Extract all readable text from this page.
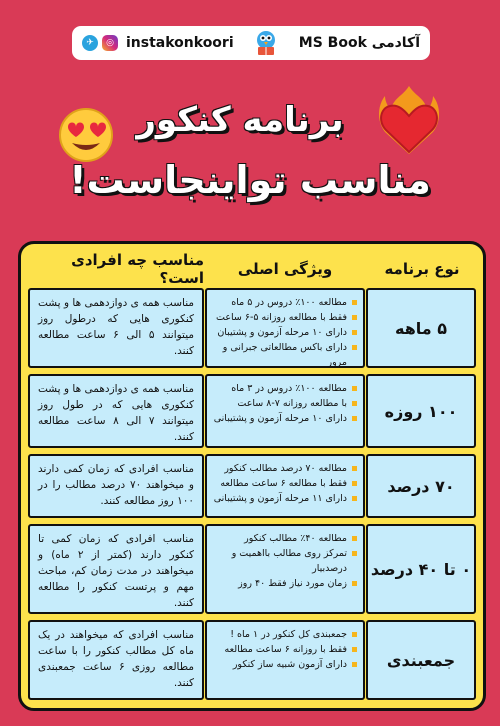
✈	◎ instakonkoori	آکادمی MS Book
برنامه کنکور
مناسب تواینجاست!
نوع برنامه
ویژگی اصلی
مناسب چه افرادی است؟
۵ ماهه
مطالعه ۱۰۰٪ دروس در ۵ ماه
فقط با مطالعه روزانه ۵-۶ ساعت
دارای ۱۰ مرحله آزمون و پشتیبان
دارای باکس مطالعاتی جبرانی و مرور
مناسب همه ی دوازدهمی ها و پشت کنکوری هایی که درطول روز میتوانند ۵ الی ۶ ساعت مطالعه کنند.
۱۰۰ روزه
مطالعه ۱۰۰٪ دروس در ۳ ماه
با مطالعه روزانه ۷-۸ ساعت
دارای ۱۰ مرحله آزمون و پشتیبانی
مناسب همه ی دوازدهمی ها و پشت کنکوری هایی که در طول روز میتوانند ۷ الی ۸ ساعت مطالعه کنند.
۷۰ درصد
مطالعه ۷۰ درصد مطالب کنکور
فقط با مطالعه ۶ ساعت مطالعه
دارای ۱۱ مرحله آزمون و پشتیبانی
مناسب افرادی که زمان کمی دارند و میخواهند ۷۰ درصد مطالب را در ۱۰۰ روز مطالعه کنند.
۰ تا ۴۰ درصد
مطالعه ۴۰٪ مطالب کنکور
تمرکز روی مطالب بااهمیت و درصدبیار
زمان مورد نیاز فقط ۴۰ روز
مناسب افرادی که زمان کمی تا کنکور دارند (کمتر از ۲ ماه) و میخواهند در مدت زمان کم، مباحث مهم و پرتست کنکور را مطالعه کنند.
جمعبندی
جمعبندی کل کنکور در ۱ ماه !
فقط با روزانه ۶ ساعت مطالعه
دارای آزمون شبیه ساز کنکور
مناسب افرادی که میخواهند در یک ماه کل مطالب کنکور را با ساعت مطالعه روزی ۶ ساعت جمعبندی کنند.
